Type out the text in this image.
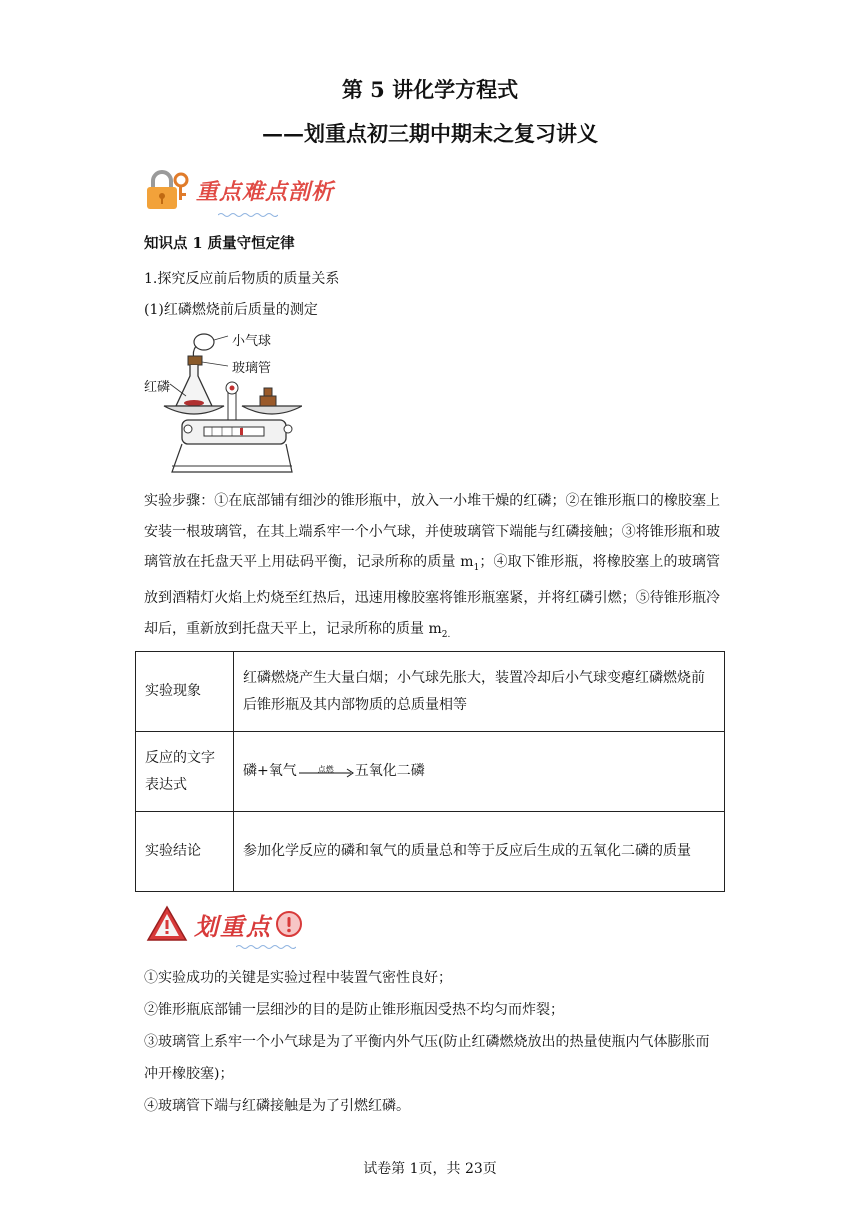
第 5 讲化学方程式
——划重点初三期中期末之复习讲义
重点难点剖析
知识点 1 质量守恒定律
1.探究反应前后物质的质量关系
(1)红磷燃烧前后质量的测定
小气球
玻璃管
红磷
实验步骤：①在底部铺有细沙的锥形瓶中，放入一小堆干燥的红磷；②在锥形瓶口的橡胶塞上安装一根玻璃管，在其上端系牢一个小气球，并使玻璃管下端能与红磷接触；③将锥形瓶和玻璃管放在托盘天平上用砝码平衡，记录所称的质量 $m_1$；④取下锥形瓶，将橡胶塞上的玻璃管放到酒精灯火焰上灼烧至红热后，迅速用橡胶塞将锥形瓶塞紧，并将红磷引燃；⑤待锥形瓶冷却后，重新放到托盘天平上，记录所称的质量 $m_{2.}$
实验现象	红磷燃烧产生大量白烟；小气球先胀大，装置冷却后小气球变瘪红磷燃烧前后锥形瓶及其内部物质的总质量相等
反应的文字表达式	磷+氧气 点燃 五氧化二磷
实验结论	参加化学反应的磷和氧气的质量总和等于反应后生成的五氧化二磷的质量
划重点
①实验成功的关键是实验过程中装置气密性良好；
②锥形瓶底部铺一层细沙的目的是防止锥形瓶因受热不均匀而炸裂；
③玻璃管上系牢一个小气球是为了平衡内外气压(防止红磷燃烧放出的热量使瓶内气体膨胀而冲开橡胶塞)；
④玻璃管下端与红磷接触是为了引燃红磷。
试卷第 1页，共 23页
